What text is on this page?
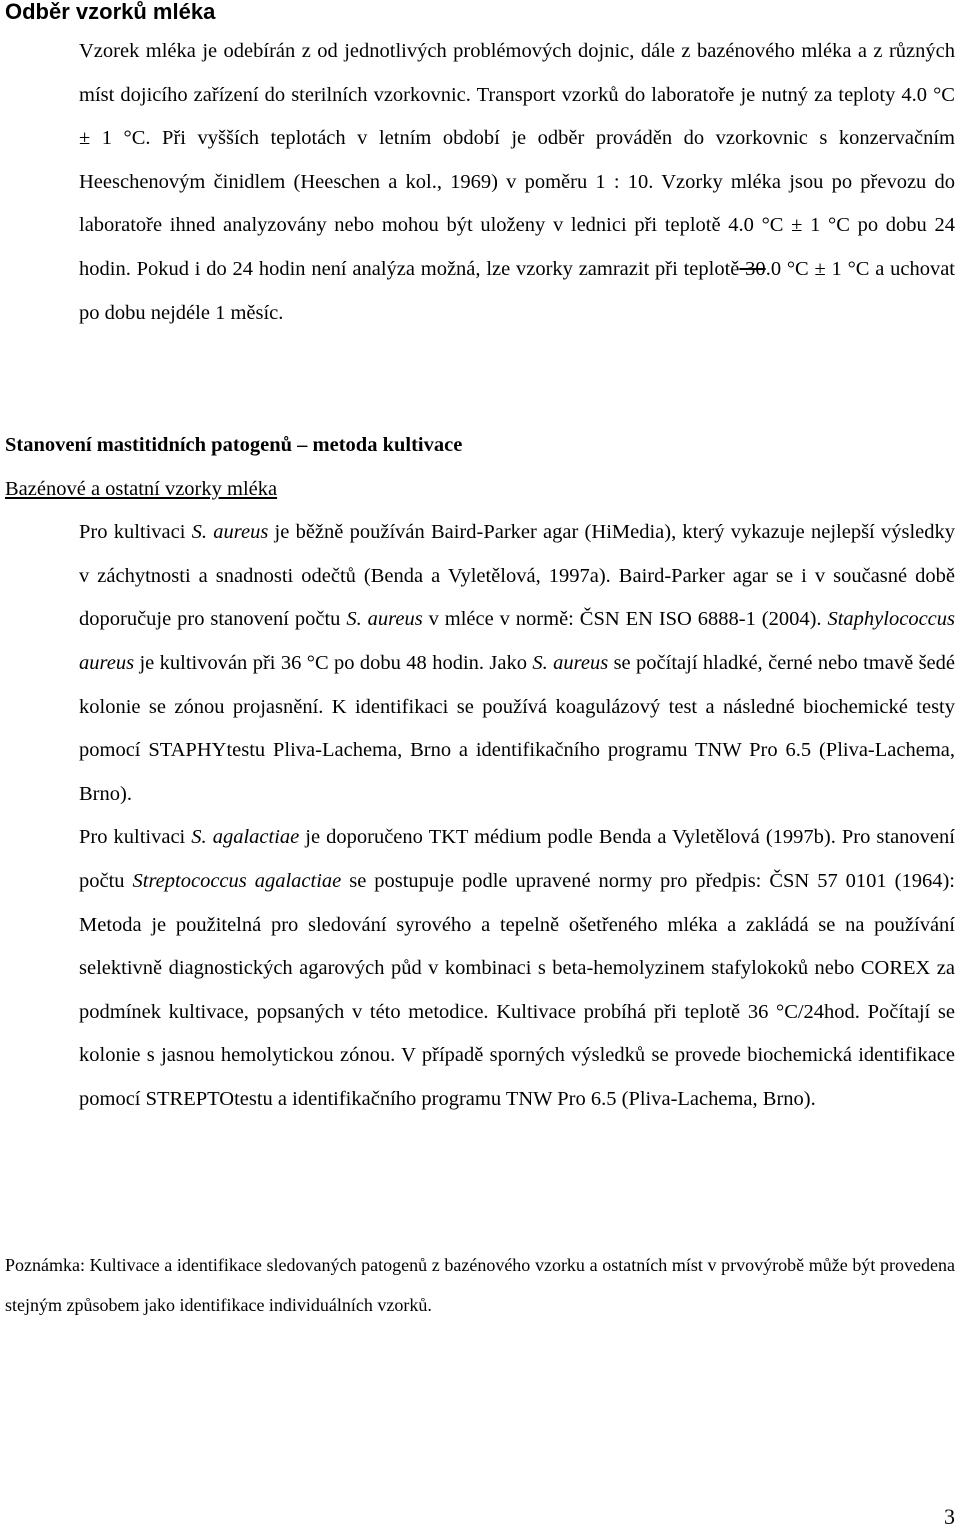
Odběr vzorků mléka
Vzorek mléka je odebírán z od jednotlivých problémových dojnic, dále z bazénového mléka a z různých míst dojicího zařízení do sterilních vzorkovnic. Transport vzorků do laboratoře je nutný za teploty 4.0 °C ± 1 °C. Při vyšších teplotách v letním období je odběr prováděn do vzorkovnic s konzervačním Heeschenovým činidlem (Heeschen a kol., 1969) v poměru 1 : 10. Vzorky mléka jsou po převozu do laboratoře ihned analyzovány nebo mohou být uloženy v lednici při teplotě 4.0 °C ± 1 °C po dobu 24 hodin. Pokud i do 24 hodin není analýza možná, lze vzorky zamrazit při teplotě 30.0 °C ± 1 °C a uchovat po dobu nejdéle 1 měsíc.
Stanovení mastitidních patogenů – metoda kultivace
Bazénové a ostatní vzorky mléka
Pro kultivaci S. aureus je běžně používán Baird-Parker agar (HiMedia), který vykazuje nejlepší výsledky v záchytnosti a snadnosti odečtů (Benda a Vyletělová, 1997a). Baird-Parker agar se i v současné době doporučuje pro stanovení počtu S. aureus v mléce v normě: ČSN EN ISO 6888-1 (2004). Staphylococcus aureus je kultivován při 36 °C po dobu 48 hodin. Jako S. aureus se počítají hladké, černé nebo tmavě šedé kolonie se zónou projasnění. K identifikaci se používá koagulázový test a následné biochemické testy pomocí STAPHYtestu Pliva-Lachema, Brno a identifikačního programu TNW Pro 6.5 (Pliva-Lachema, Brno).
Pro kultivaci S. agalactiae je doporučeno TKT médium podle Benda a Vyletělová (1997b). Pro stanovení počtu Streptococcus agalactiae se postupuje podle upravené normy pro předpis: ČSN 57 0101 (1964): Metoda je použitelná pro sledování syrového a tepelně ošetřeného mléka a zakládá se na používání selektivně diagnostických agarových půd v kombinaci s beta-hemolyzinem stafylokoků nebo COREX za podmínek kultivace, popsaných v této metodice. Kultivace probíhá při teplotě 36 °C/24hod. Počítají se kolonie s jasnou hemolytickou zónou. V případě sporných výsledků se provede biochemická identifikace pomocí STREPTOtestu a identifikačního programu TNW Pro 6.5 (Pliva-Lachema, Brno).
Poznámka: Kultivace a identifikace sledovaných patogenů z bazénového vzorku a ostatních míst v prvovýrobě může být provedena stejným způsobem jako identifikace individuálních vzorků.
3
